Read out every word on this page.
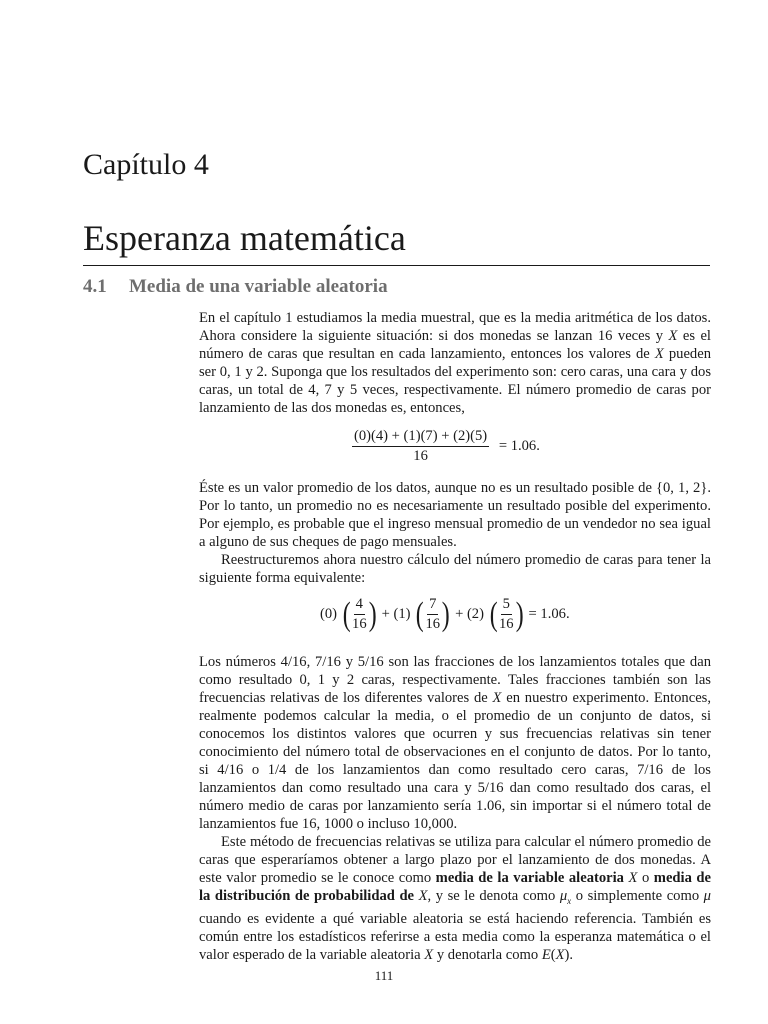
Capítulo 4
Esperanza matemática
4.1 Media de una variable aleatoria

En el capítulo 1 estudiamos la media muestral, que es la media aritmética de los datos. Ahora considere la siguiente situación: si dos monedas se lanzan 16 veces y X es el número de caras que resultan en cada lanzamiento, entonces los valores de X pueden ser 0, 1 y 2. Suponga que los resultados del experimento son: cero caras, una cara y dos caras, un total de 4, 7 y 5 veces, respectivamente. El número promedio de caras por lanzamiento de las dos monedas es, entonces,

$\frac{(0)(4) + (1)(7) + (2)(5)}{16} = 1.06$.

Éste es un valor promedio de los datos, aunque no es un resultado posible de {0, 1, 2}. Por lo tanto, un promedio no es necesariamente un resultado posible del experimento. Por ejemplo, es probable que el ingreso mensual promedio de un vendedor no sea igual a alguno de sus cheques de pago mensuales.

Reestructuremos ahora nuestro cálculo del número promedio de caras para tener la siguiente forma equivalente:

(0) ( $\frac{4}{16}$ ) + (1) ( $\frac{7}{16}$ ) + (2) ( $\frac{5}{16}$ ) = 1.06.

Los números 4/16, 7/16 y 5/16 son las fracciones de los lanzamientos totales que dan como resultado 0, 1 y 2 caras, respectivamente. Tales fracciones también son las frecuencias relativas de los diferentes valores de X en nuestro experimento. Entonces, realmente podemos calcular la media, o el promedio de un conjunto de datos, si conocemos los distintos valores que ocurren y sus frecuencias relativas sin tener conocimiento del número total de observaciones en el conjunto de datos. Por lo tanto, si 4/16 o 1/4 de los lanzamientos dan como resultado cero caras, 7/16 de los lanzamientos dan como resultado una cara y 5/16 dan como resultado dos caras, el número medio de caras por lanzamiento sería 1.06, sin importar si el número total de lanzamientos fue 16, 1000 o incluso 10,000.

Este método de frecuencias relativas se utiliza para calcular el número promedio de caras que esperaríamos obtener a largo plazo por el lanzamiento de dos monedas. A este valor promedio se le conoce como media de la variable aleatoria X o media de la distribución de probabilidad de X, y se le denota como $\mu_x$ o simplemente como μ cuando es evidente a qué variable aleatoria se está haciendo referencia. También es común entre los estadísticos referirse a esta media como la esperanza matemática o el valor esperado de la variable aleatoria X y denotarla como E(X).

111
